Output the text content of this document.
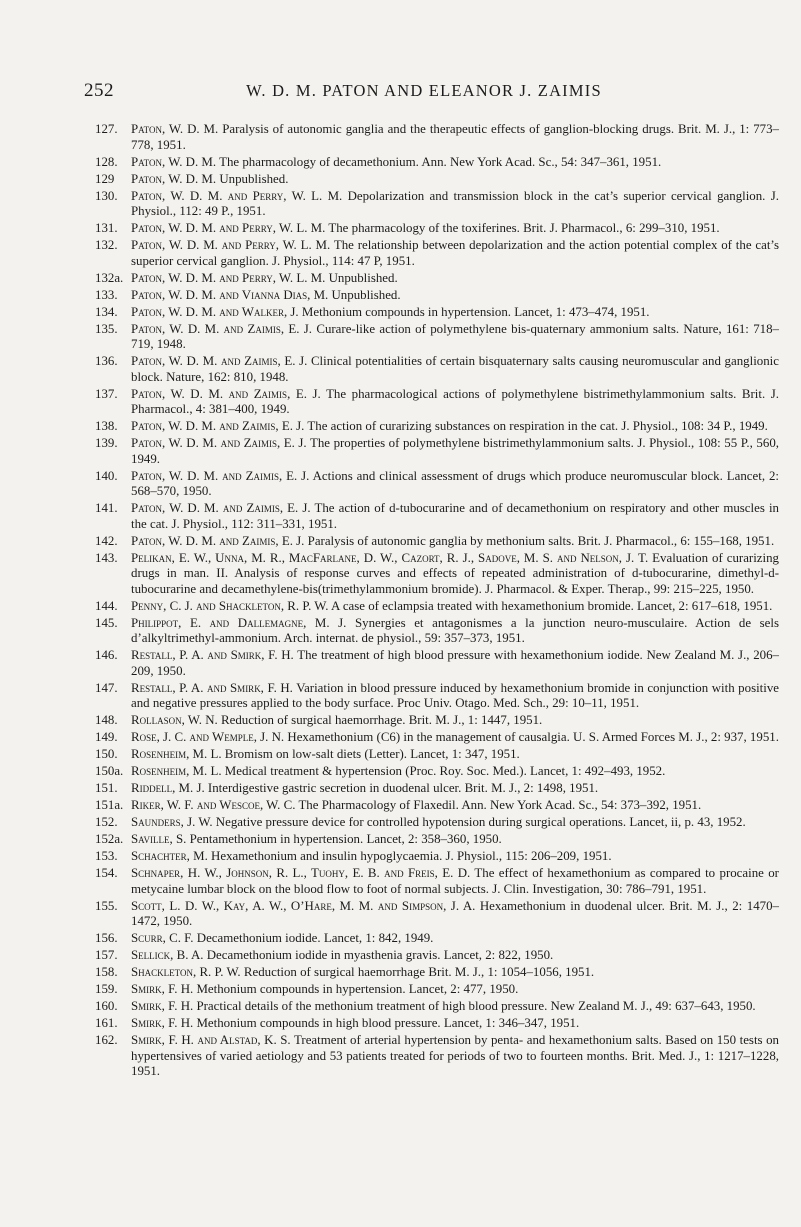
252	W. D. M. PATON AND ELEANOR J. ZAIMIS
127.	Paton, W. D. M. Paralysis of autonomic ganglia and the therapeutic effects of ganglion-blocking drugs. Brit. M. J., 1: 773–778, 1951.
128.	Paton, W. D. M. The pharmacology of decamethonium. Ann. New York Acad. Sc., 54: 347–361, 1951.
129	Paton, W. D. M. Unpublished.
130.	Paton, W. D. M. and Perry, W. L. M. Depolarization and transmission block in the cat’s superior cervical ganglion. J. Physiol., 112: 49 P., 1951.
131.	Paton, W. D. M. and Perry, W. L. M. The pharmacology of the toxiferines. Brit. J. Pharmacol., 6: 299–310, 1951.
132.	Paton, W. D. M. and Perry, W. L. M. The relationship between depolarization and the action potential complex of the cat’s superior cervical ganglion. J. Physiol., 114: 47 P, 1951.
132a. Paton, W. D. M. and Perry, W. L. M. Unpublished.
133.	Paton, W. D. M. and Vianna Dias, M. Unpublished.
134.	Paton, W. D. M. and Walker, J. Methonium compounds in hypertension. Lancet, 1: 473–474, 1951.
135.	Paton, W. D. M. and Zaimis, E. J. Curare-like action of polymethylene bis-quaternary ammonium salts. Nature, 161: 718–719, 1948.
136.	Paton, W. D. M. and Zaimis, E. J. Clinical potentialities of certain bisquaternary salts causing neuromuscular and ganglionic block. Nature, 162: 810, 1948.
137.	Paton, W. D. M. and Zaimis, E. J. The pharmacological actions of polymethylene bistrimethylammonium salts. Brit. J. Pharmacol., 4: 381–400, 1949.
138.	Paton, W. D. M. and Zaimis, E. J. The action of curarizing substances on respiration in the cat. J. Physiol., 108: 34 P., 1949.
139.	Paton, W. D. M. and Zaimis, E. J. The properties of polymethylene bistrimethylammonium salts. J. Physiol., 108: 55 P., 560, 1949.
140.	Paton, W. D. M. and Zaimis, E. J. Actions and clinical assessment of drugs which produce neuromuscular block. Lancet, 2: 568–570, 1950.
141.	Paton, W. D. M. and Zaimis, E. J. The action of d-tubocurarine and of decamethonium on respiratory and other muscles in the cat. J. Physiol., 112: 311–331, 1951.
142.	Paton, W. D. M. and Zaimis, E. J. Paralysis of autonomic ganglia by methonium salts. Brit. J. Pharmacol., 6: 155–168, 1951.
143.	Pelikan, E. W., Unna, M. R., MacFarlane, D. W., Cazort, R. J., Sadove, M. S. and Nelson, J. T. Evaluation of curarizing drugs in man. II. Analysis of response curves and effects of repeated administration of d-tubocurarine, dimethyl-d-tubocurarine and decamethylene-bis(trimethylammonium bromide). J. Pharmacol. & Exper. Therap., 99: 215–225, 1950.
144.	Penny, C. J. and Shackleton, R. P. W. A case of eclampsia treated with hexamethonium bromide. Lancet, 2: 617–618, 1951.
145.	Philippot, E. and Dallemagne, M. J. Synergies et antagonismes a la junction neuro-musculaire. Action de sels d’alkyltrimethyl-ammonium. Arch. internat. de physiol., 59: 357–373, 1951.
146.	Restall, P. A. and Smirk, F. H. The treatment of high blood pressure with hexamethonium iodide. New Zealand M. J., 206–209, 1950.
147.	Restall, P. A. and Smirk, F. H. Variation in blood pressure induced by hexamethonium bromide in conjunction with positive and negative pressures applied to the body surface. Proc Univ. Otago. Med. Sch., 29: 10–11, 1951.
148.	Rollason, W. N. Reduction of surgical haemorrhage. Brit. M. J., 1: 1447, 1951.
149.	Rose, J. C. and Wemple, J. N. Hexamethonium (C6) in the management of causalgia. U. S. Armed Forces M. J., 2: 937, 1951.
150.	Rosenheim, M. L. Bromism on low-salt diets (Letter). Lancet, 1: 347, 1951.
150a. Rosenheim, M. L. Medical treatment & hypertension (Proc. Roy. Soc. Med.). Lancet, 1: 492–493, 1952.
151.	Riddell, M. J. Interdigestive gastric secretion in duodenal ulcer. Brit. M. J., 2: 1498, 1951.
151a. Riker, W. F. and Wescoe, W. C. The Pharmacology of Flaxedil. Ann. New York Acad. Sc., 54: 373–392, 1951.
152.	Saunders, J. W. Negative pressure device for controlled hypotension during surgical operations. Lancet, ii, p. 43, 1952.
152a. Saville, S. Pentamethonium in hypertension. Lancet, 2: 358–360, 1950.
153.	Schachter, M. Hexamethonium and insulin hypoglycaemia. J. Physiol., 115: 206–209, 1951.
154.	Schnaper, H. W., Johnson, R. L., Tuohy, E. B. and Freis, E. D. The effect of hexamethonium as compared to procaine or metycaine lumbar block on the blood flow to foot of normal subjects. J. Clin. Investigation, 30: 786–791, 1951.
155.	Scott, L. D. W., Kay, A. W., O’Hare, M. M. and Simpson, J. A. Hexamethonium in duodenal ulcer. Brit. M. J., 2: 1470–1472, 1950.
156.	Scurr, C. F. Decamethonium iodide. Lancet, 1: 842, 1949.
157.	Sellick, B. A. Decamethonium iodide in myasthenia gravis. Lancet, 2: 822, 1950.
158.	Shackleton, R. P. W. Reduction of surgical haemorrhage Brit. M. J., 1: 1054–1056, 1951.
159.	Smirk, F. H. Methonium compounds in hypertension. Lancet, 2: 477, 1950.
160.	Smirk, F. H. Practical details of the methonium treatment of high blood pressure. New Zealand M. J., 49: 637–643, 1950.
161.	Smirk, F. H. Methonium compounds in high blood pressure. Lancet, 1: 346–347, 1951.
162.	Smirk, F. H. and Alstad, K. S. Treatment of arterial hypertension by penta- and hexamethonium salts. Based on 150 tests on hypertensives of varied aetiology and 53 patients treated for periods of two to fourteen months. Brit. Med. J., 1: 1217–1228, 1951.
